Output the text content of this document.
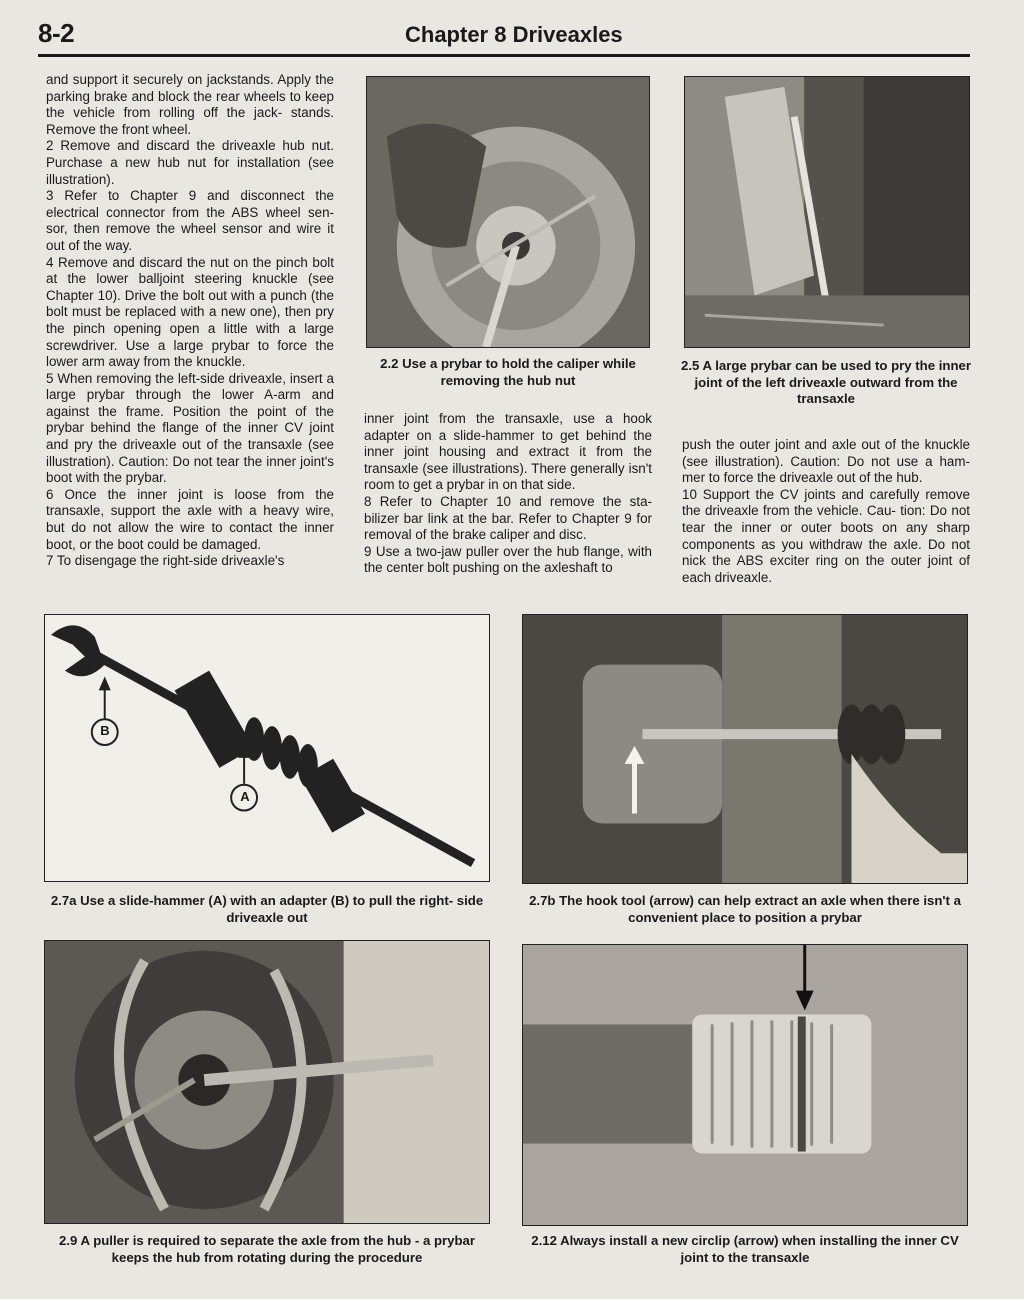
8-2	Chapter 8 Driveaxles

and support it securely on jackstands. Apply the parking brake and block the rear wheels to keep the vehicle from rolling off the jack- stands. Remove the front wheel.

2 Remove and discard the driveaxle hub nut. Purchase a new hub nut for installation (see illustration).

3 Refer to Chapter 9 and disconnect the electrical connector from the ABS wheel sen- sor, then remove the wheel sensor and wire it out of the way.

4 Remove and discard the nut on the pinch bolt at the lower balljoint steering knuckle (see Chapter 10). Drive the bolt out with a punch (the bolt must be replaced with a new one), then pry the pinch opening open a little with a large screwdriver. Use a large prybar to force the lower arm away from the knuckle.

5 When removing the left-side driveaxle, insert a large prybar through the lower A-arm and against the frame. Position the point of the prybar behind the flange of the inner CV joint and pry the driveaxle out of the transaxle (see illustration). Caution: Do not tear the inner joint's boot with the prybar.

6 Once the inner joint is loose from the transaxle, support the axle with a heavy wire, but do not allow the wire to contact the inner boot, or the boot could be damaged.

7 To disengage the right-side driveaxle's

2.2 Use a prybar to hold the caliper while removing the hub nut
2.5 A large prybar can be used to pry the inner joint of the left driveaxle outward from the transaxle

inner joint from the transaxle, use a hook adapter on a slide-hammer to get behind the inner joint housing and extract it from the transaxle (see illustrations). There generally isn't room to get a prybar in on that side.

8 Refer to Chapter 10 and remove the sta- bilizer bar link at the bar. Refer to Chapter 9 for removal of the brake caliper and disc.

9 Use a two-jaw puller over the hub flange, with the center bolt pushing on the axleshaft to

push the outer joint and axle out of the knuckle (see illustration). Caution: Do not use a ham- mer to force the driveaxle out of the hub.

10 Support the CV joints and carefully remove the driveaxle from the vehicle. Cau- tion: Do not tear the inner or outer boots on any sharp components as you withdraw the axle. Do not nick the ABS exciter ring on the outer joint of each driveaxle.

B
A
2.7a Use a slide-hammer (A) with an adapter (B) to pull the right- side driveaxle out
2.7b The hook tool (arrow) can help extract an axle when there isn't a convenient place to position a prybar
2.9 A puller is required to separate the axle from the hub - a prybar keeps the hub from rotating during the procedure
2.12 Always install a new circlip (arrow) when installing the inner CV joint to the transaxle
